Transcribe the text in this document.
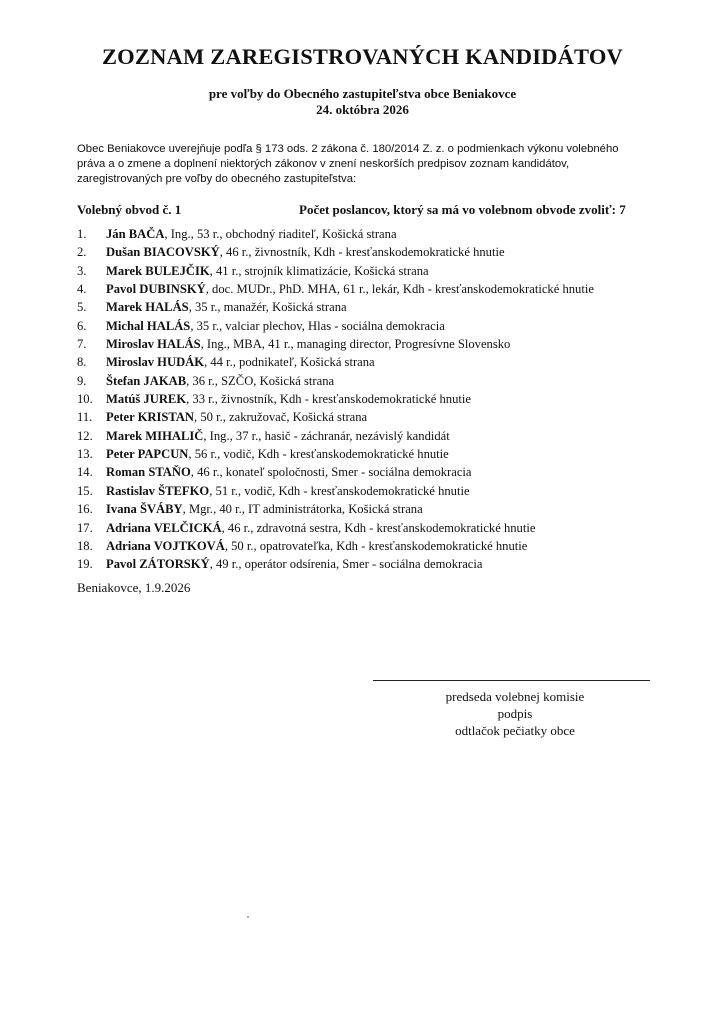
ZOZNAM ZAREGISTROVANÝCH KANDIDÁTOV
pre voľby do Obecného zastupiteľstva obce Beniakovce
24. októbra 2026
Obec Beniakovce uverejňuje podľa § 173 ods. 2 zákona č. 180/2014 Z. z. o podmienkach výkonu volebného
práva a o zmene a doplnení niektorých zákonov v znení neskorších predpisov zoznam kandidátov,
zaregistrovaných pre voľby do obecného zastupiteľstva:
Volebný obvod č. 1	Počet poslancov, ktorý sa má vo volebnom obvode zvoliť: 7
1.	Ján BAČA, Ing., 53 r., obchodný riaditeľ, Košická strana
2.	Dušan BIACOVSKÝ, 46 r., živnostník, Kdh - kresťanskodemokratické hnutie
3.	Marek BULEJČIK, 41 r., strojník klimatizácie, Košická strana
4.	Pavol DUBINSKÝ, doc. MUDr., PhD. MHA, 61 r., lekár, Kdh - kresťanskodemokratické hnutie
5.	Marek HALÁS, 35 r., manažér, Košická strana
6.	Michal HALÁS, 35 r., valciar plechov, Hlas - sociálna demokracia
7.	Miroslav HALÁS, Ing., MBA, 41 r., managing director, Progresívne Slovensko
8.	Miroslav HUDÁK, 44 r., podnikateľ, Košická strana
9.	Štefan JAKAB, 36 r., SZČO, Košická strana
10.	Matúš JUREK, 33 r., živnostník, Kdh - kresťanskodemokratické hnutie
11.	Peter KRISTAN, 50 r., zakružovač, Košická strana
12.	Marek MIHALIČ, Ing., 37 r., hasič - záchranár, nezávislý kandidát
13.	Peter PAPCUN, 56 r., vodič, Kdh - kresťanskodemokratické hnutie
14.	Roman STAŇO, 46 r., konateľ spoločnosti, Smer - sociálna demokracia
15.	Rastislav ŠTEFKO, 51 r., vodič, Kdh - kresťanskodemokratické hnutie
16.	Ivana ŠVÁBY, Mgr., 40 r., IT administrátorka, Košická strana
17.	Adriana VELČICKÁ, 46 r., zdravotná sestra, Kdh - kresťanskodemokratické hnutie
18.	Adriana VOJTKOVÁ, 50 r., opatrovateľka, Kdh - kresťanskodemokratické hnutie
19.	Pavol ZÁTORSKÝ, 49 r., operátor odsírenia, Smer - sociálna demokracia
Beniakovce, 1.9.2026
predseda volebnej komisie
podpis
odtlačok pečiatky obce
